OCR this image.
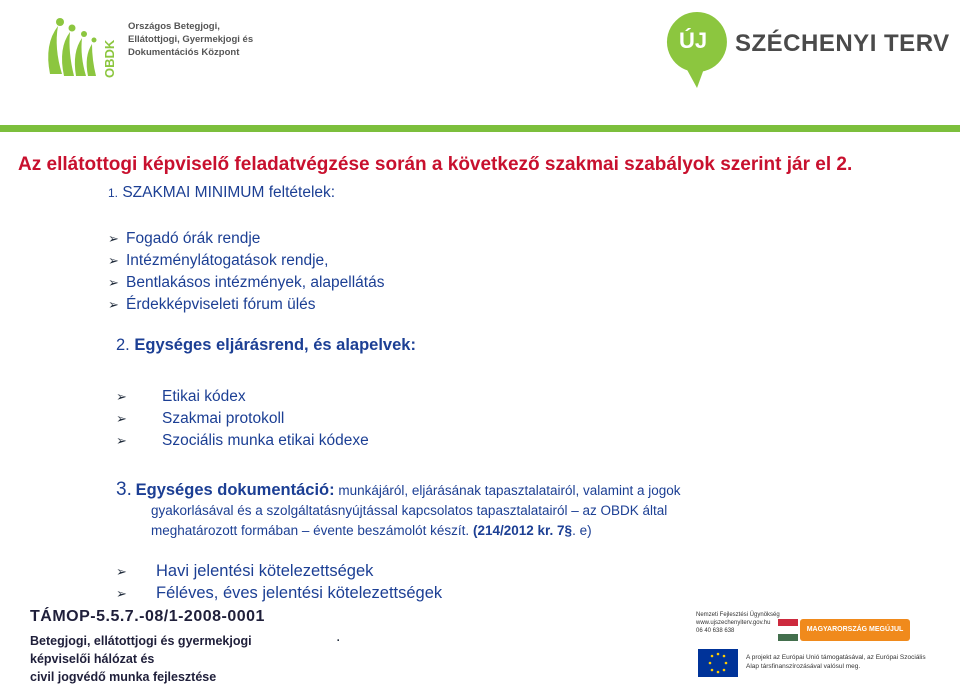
OBDK
Országos Betegjogi,
Ellátottjogi, Gyermekjogi és
Dokumentációs Központ	ÚJ SZÉCHENYI TERV
Az ellátottogi képviselő feladatvégzése során a következő szakmai szabályok szerint jár el 2.
1. SZAKMAI MINIMUM feltételek:
➢ Fogadó órák rendje
➢ Intézménylátogatások rendje,
➢ Bentlakásos intézmények, alapellátás
➢ Érdekképviseleti fórum ülés
2. Egységes eljárásrend, és alapelvek:
➢ Etikai kódex
➢ Szakmai protokoll
➢ Szociális munka etikai kódexe
3. Egységes dokumentáció: munkájáról, eljárásának tapasztalatairól, valamint a jogok
gyakorlásával és a szolgáltatásnyújtással kapcsolatos tapasztalatairól – az OBDK által
meghatározott formában – évente beszámolót készít. (214/2012 kr. 7§. e)
➢ Havi jelentési kötelezettségek
➢ Féléves, éves jelentési kötelezettségek
TÁMOP-5.5.7.-08/1-2008-0001
Betegjogi, ellátottjogi és gyermekjogi
képviselői hálózat és
civil jogvédő munka fejlesztése
.
Nemzeti Fejlesztési Ügynökség
www.ujszechenyiterv.gov.hu
06 40 638 638	MAGYARORSZÁG MEGÚJUL
A projekt az Európai Unió támogatásával, az Európai Szociális Alap társfinanszírozásával valósul meg.
